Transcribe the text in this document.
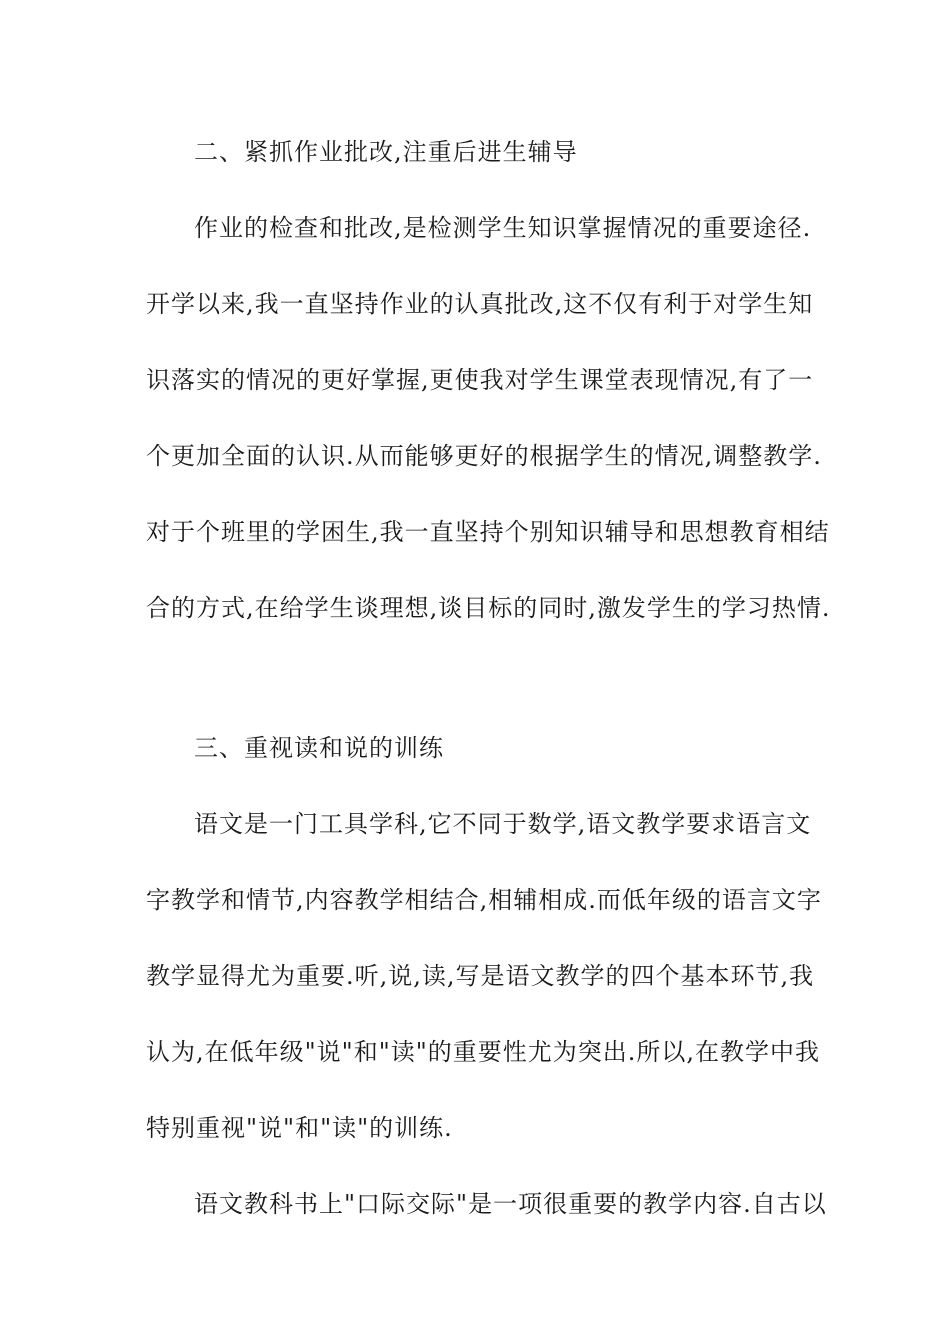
二、紧抓作业批改,注重后进生辅导
作业的检查和批改,是检测学生知识掌握情况的重要途径.
开学以来,我一直坚持作业的认真批改,这不仅有利于对学生知
识落实的情况的更好掌握,更使我对学生课堂表现情况,有了一
个更加全面的认识.从而能够更好的根据学生的情况,调整教学.
对于个班里的学困生,我一直坚持个别知识辅导和思想教育相结
合的方式,在给学生谈理想,谈目标的同时,激发学生的学习热情.
三、重视读和说的训练
语文是一门工具学科,它不同于数学,语文教学要求语言文
字教学和情节,内容教学相结合,相辅相成.而低年级的语言文字
教学显得尤为重要.听,说,读,写是语文教学的四个基本环节,我
认为,在低年级"说"和"读"的重要性尤为突出.所以,在教学中我
特别重视"说"和"读"的训练.
语文教科书上"口际交际"是一项很重要的教学内容.自古以
